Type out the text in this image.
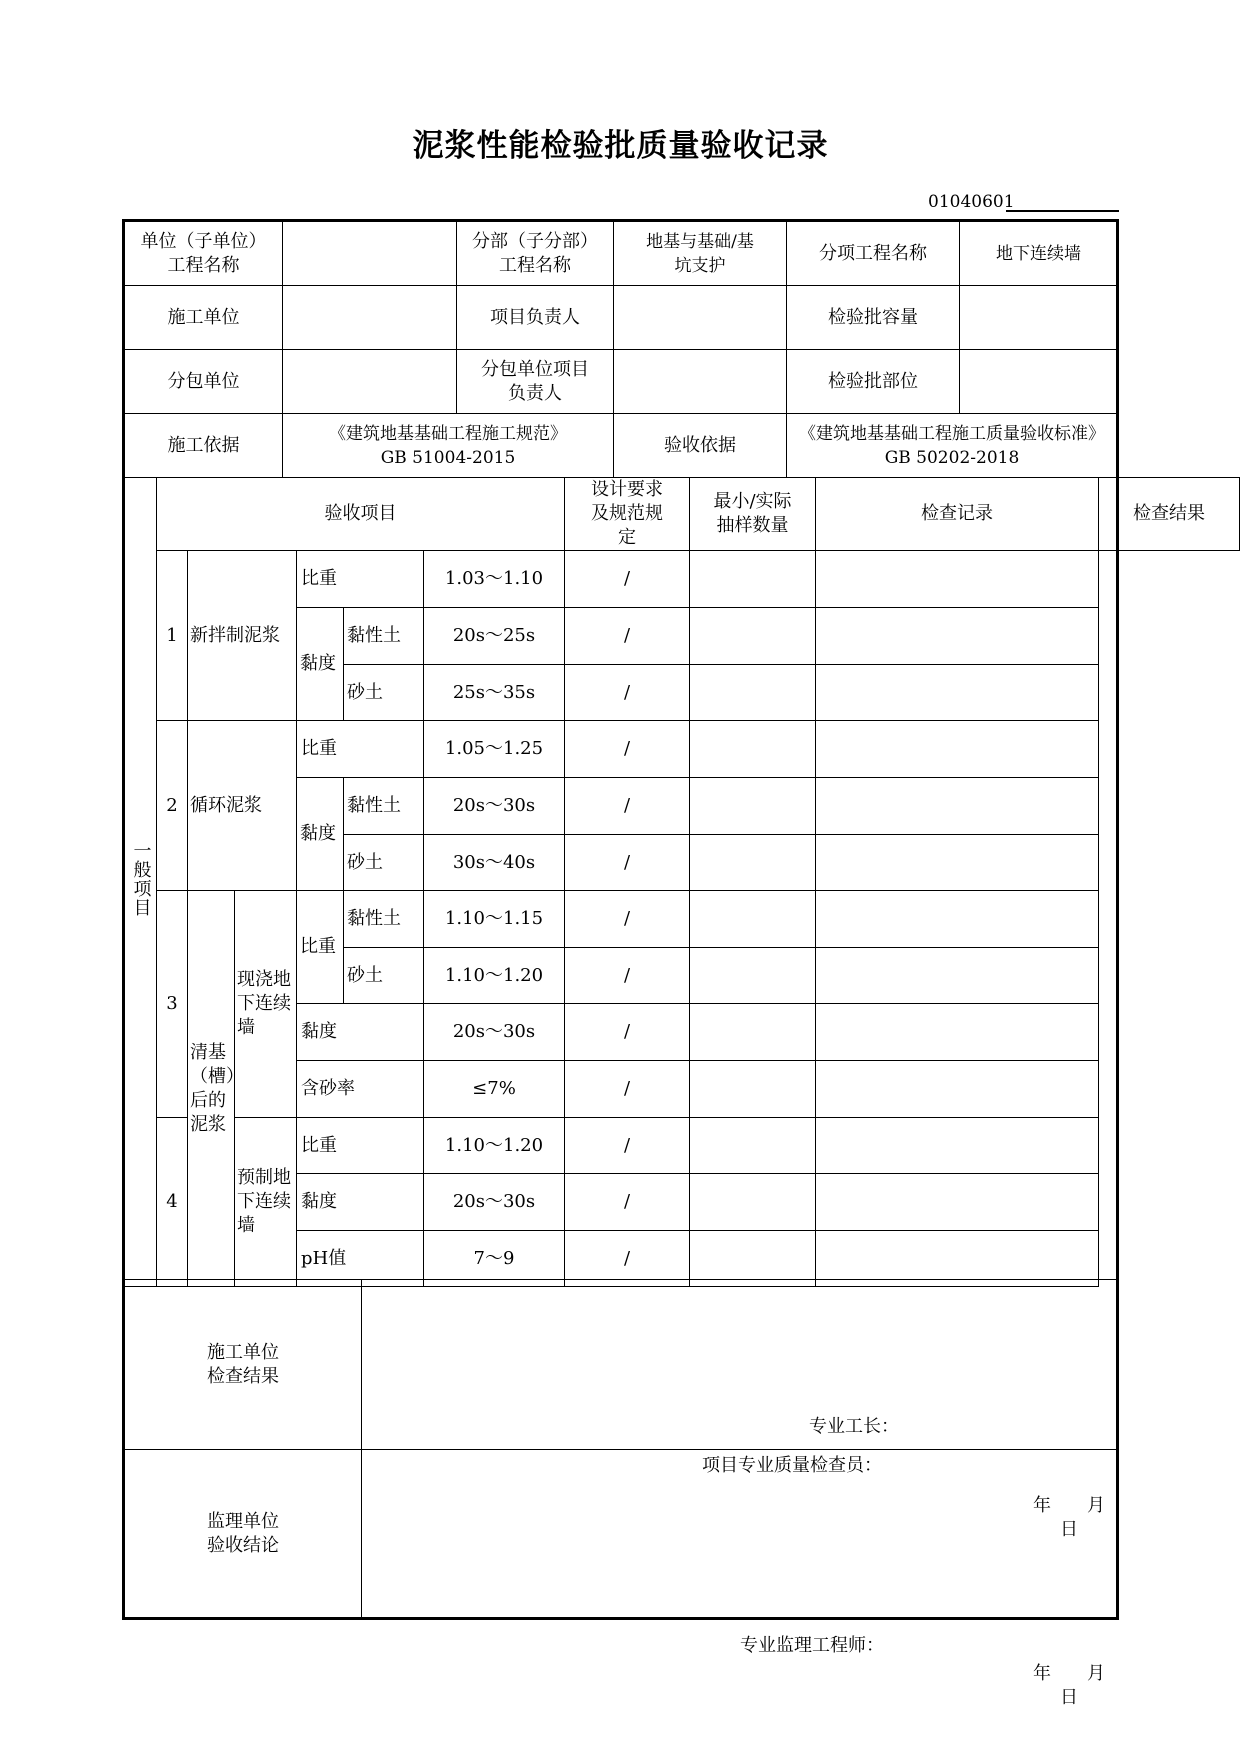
泥浆性能检验批质量验收记录
01040601
单位（子单位）工程名称		分部（子分部）工程名称	地基与基础/基坑支护	分项工程名称	地下连续墙
施工单位		项目负责人		检验批容量	
分包单位		分包单位项目负责人		检验批部位	
施工依据	《建筑地基基础工程施工规范》GB 51004-2015		验收依据	《建筑地基基础工程施工质量验收标准》GB 50202-2018	
一般项目	验收项目						设计要求及规范规定	最小/实际抽样数量	检查记录	检查结果
	1	新拌制泥浆		比重		1.03～1.10	/			
				黏度	黏性土	20s～25s	/			
					砂土	25s～35s	/			
	2	循环泥浆		比重		1.05～1.25	/			
				黏度	黏性土	20s～30s	/			
					砂土	30s～40s	/			
	3	清基（槽）后的泥浆	现浇地下连续墙	比重	黏性土	1.10～1.15	/			
					砂土	1.10～1.20	/			
				黏度		20s～30s	/			
				含砂率		≤7%	/			
	4		预制地下连续墙	比重		1.10～1.20	/			
				黏度		20s～30s	/			
				pH值		7～9	/			
施工单位检查结果	专业工长：
项目专业质量检查员：
年　　月　　日

监理单位验收结论	专业监理工程师：
年　　月　　日
